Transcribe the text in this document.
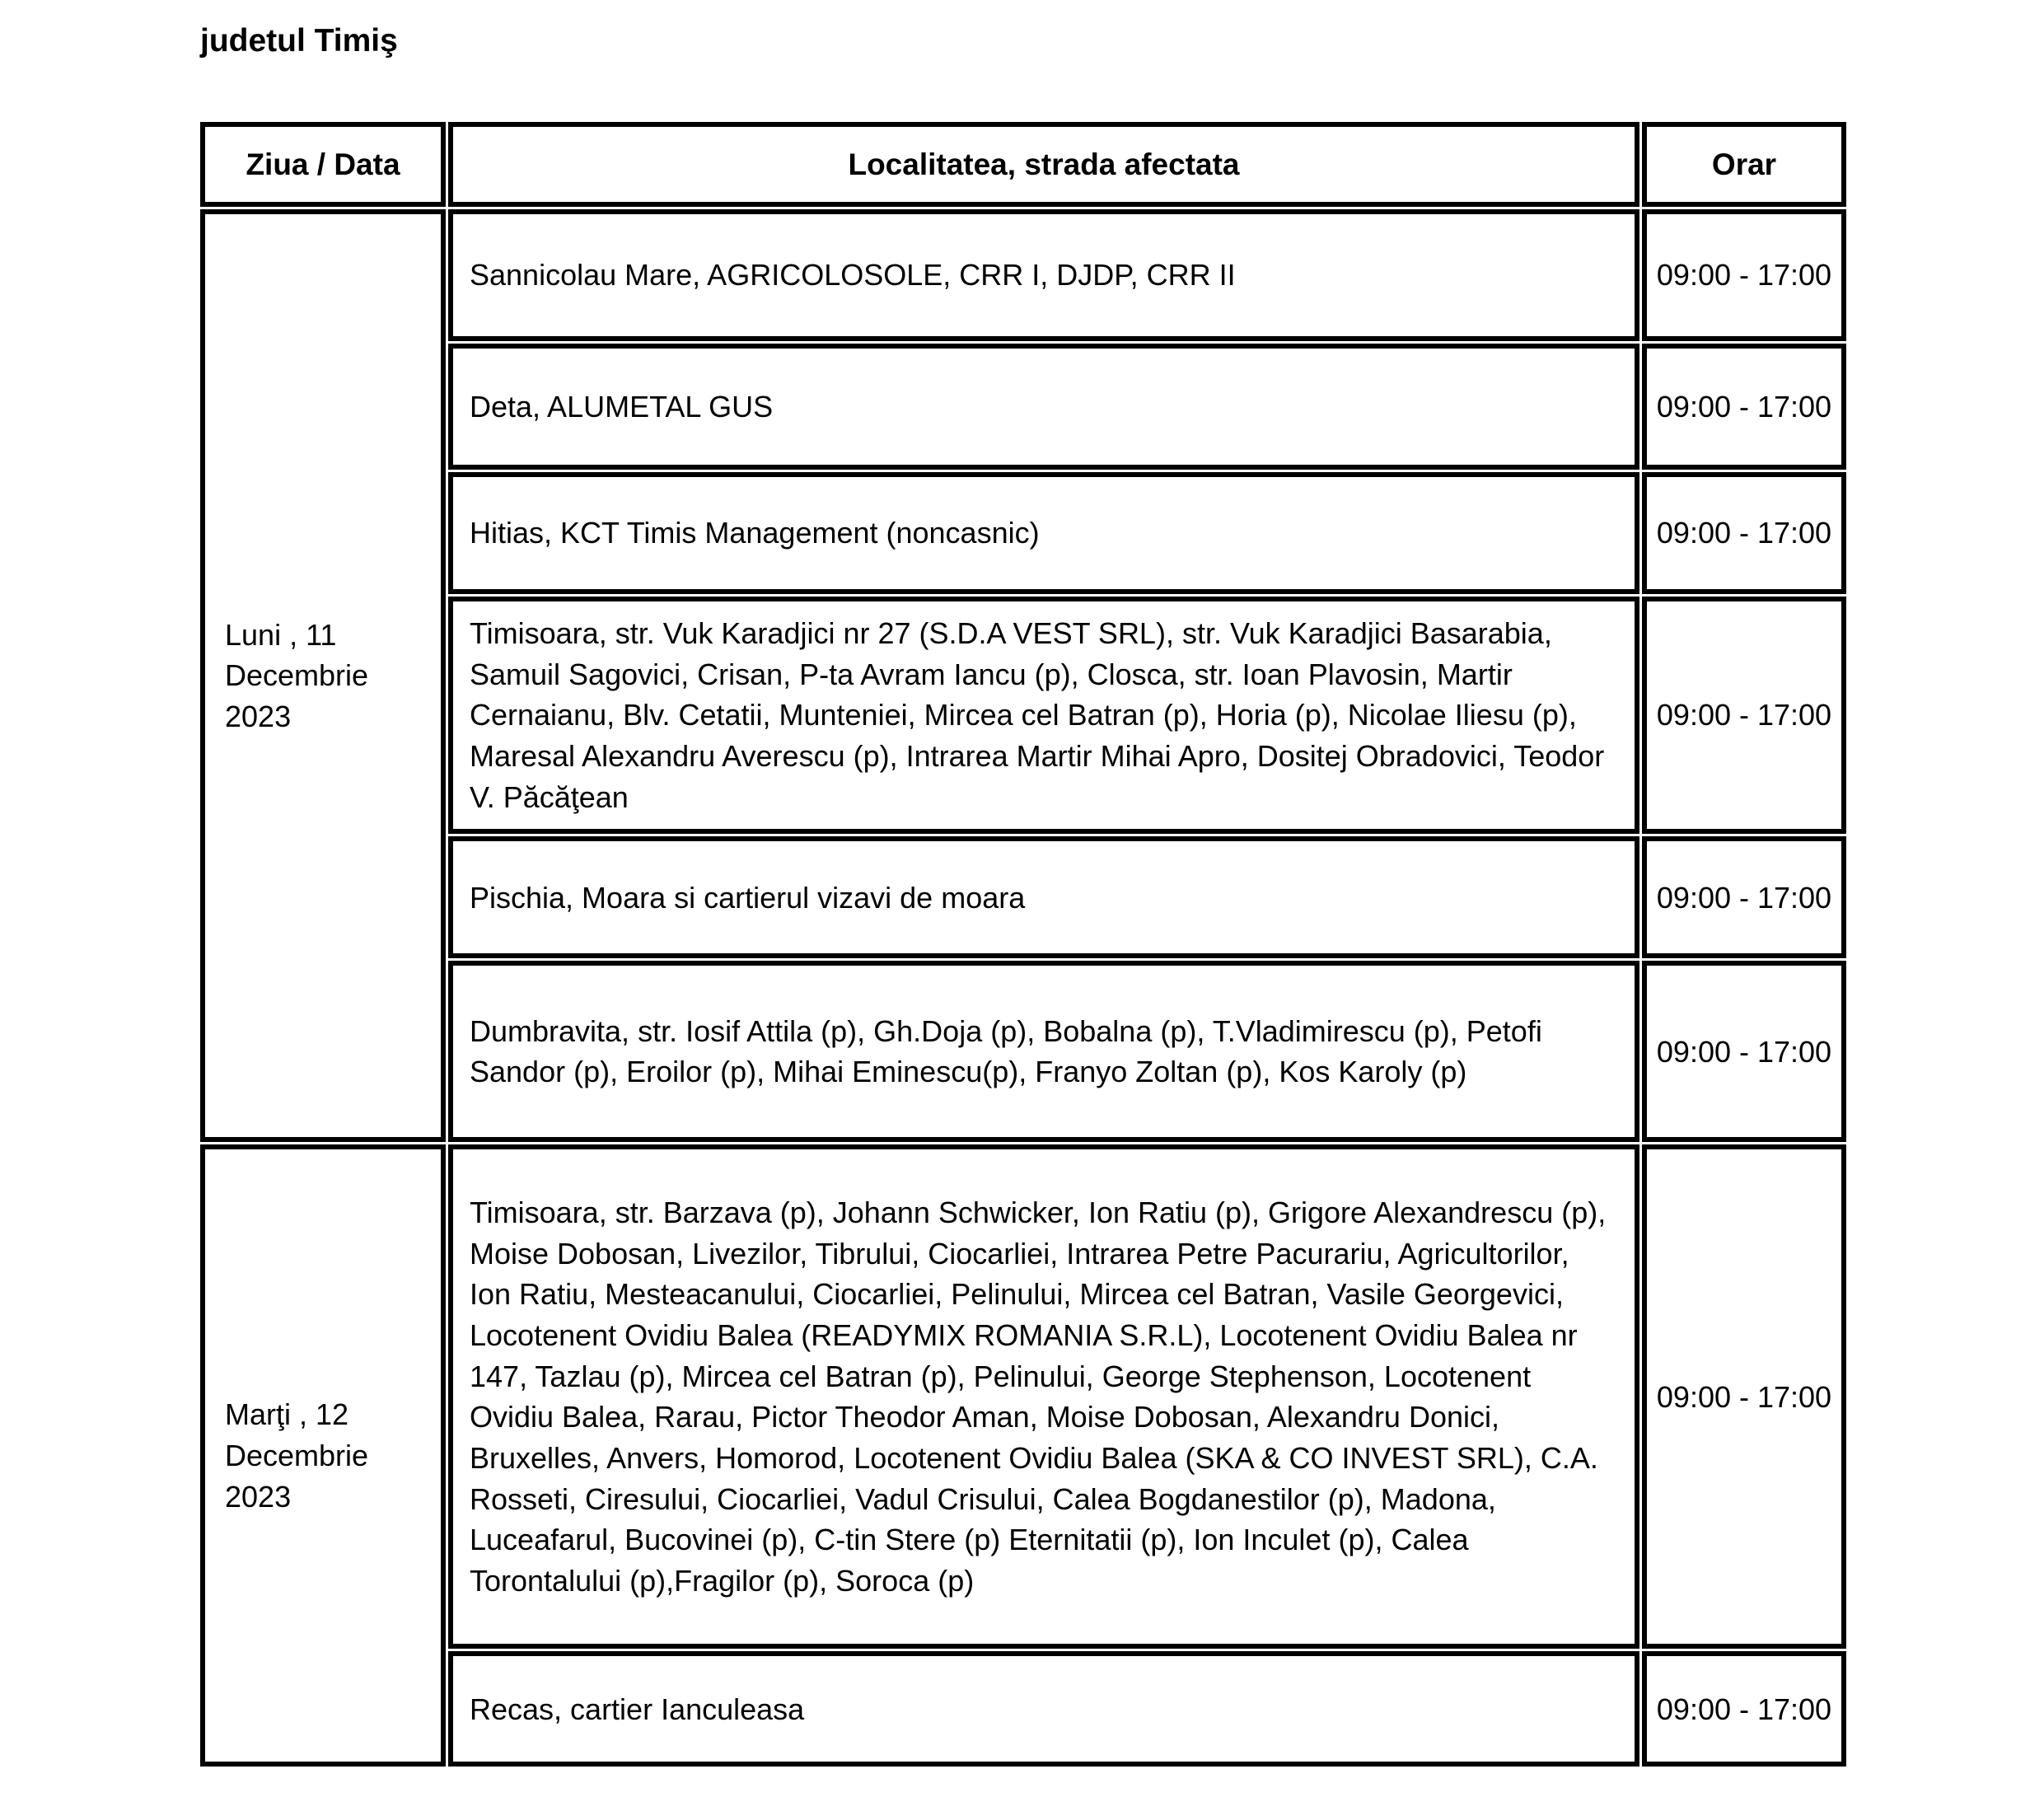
judetul Timiş
Ziua / Data	Localitatea, strada afectata	Orar
Luni , 11 Decembrie 2023	Sannicolau Mare, AGRICOLOSOLE, CRR I, DJDP, CRR II	09:00 - 17:00
	Deta, ALUMETAL GUS	09:00 - 17:00
	Hitias, KCT Timis Management (noncasnic)	09:00 - 17:00
	Timisoara, str. Vuk Karadjici nr 27 (S.D.A VEST SRL), str. Vuk Karadjici Basarabia, Samuil Sagovici, Crisan, P-ta Avram Iancu (p), Closca, str. Ioan Plavosin, Martir Cernaianu, Blv. Cetatii, Munteniei, Mircea cel Batran (p), Horia (p), Nicolae Iliesu (p), Maresal Alexandru Averescu (p), Intrarea Martir Mihai Apro, Dositej Obradovici, Teodor V. Păcăţean	09:00 - 17:00
	Pischia, Moara si cartierul vizavi de moara	09:00 - 17:00
	Dumbravita, str. Iosif Attila (p), Gh.Doja (p), Bobalna (p), T.Vladimirescu (p), Petofi Sandor (p), Eroilor (p), Mihai Eminescu(p), Franyo Zoltan (p), Kos Karoly (p)	09:00 - 17:00
Marţi , 12 Decembrie 2023	Timisoara, str. Barzava (p), Johann Schwicker, Ion Ratiu (p), Grigore Alexandrescu (p), Moise Dobosan, Livezilor, Tibrului, Ciocarliei, Intrarea Petre Pacurariu, Agricultorilor, Ion Ratiu, Mesteacanului, Ciocarliei, Pelinului, Mircea cel Batran, Vasile Georgevici, Locotenent Ovidiu Balea (READYMIX ROMANIA S.R.L), Locotenent Ovidiu Balea nr 147, Tazlau (p), Mircea cel Batran (p), Pelinului, George Stephenson, Locotenent Ovidiu Balea, Rarau, Pictor Theodor Aman, Moise Dobosan, Alexandru Donici, Bruxelles, Anvers, Homorod, Locotenent Ovidiu Balea (SKA & CO INVEST SRL), C.A. Rosseti, Ciresului, Ciocarliei, Vadul Crisului, Calea Bogdanestilor (p), Madona, Luceafarul, Bucovinei (p), C-tin Stere (p) Eternitatii (p), Ion Inculet (p), Calea Torontalului (p),Fragilor (p), Soroca (p)	09:00 - 17:00
	Recas, cartier Ianculeasa	09:00 - 17:00
